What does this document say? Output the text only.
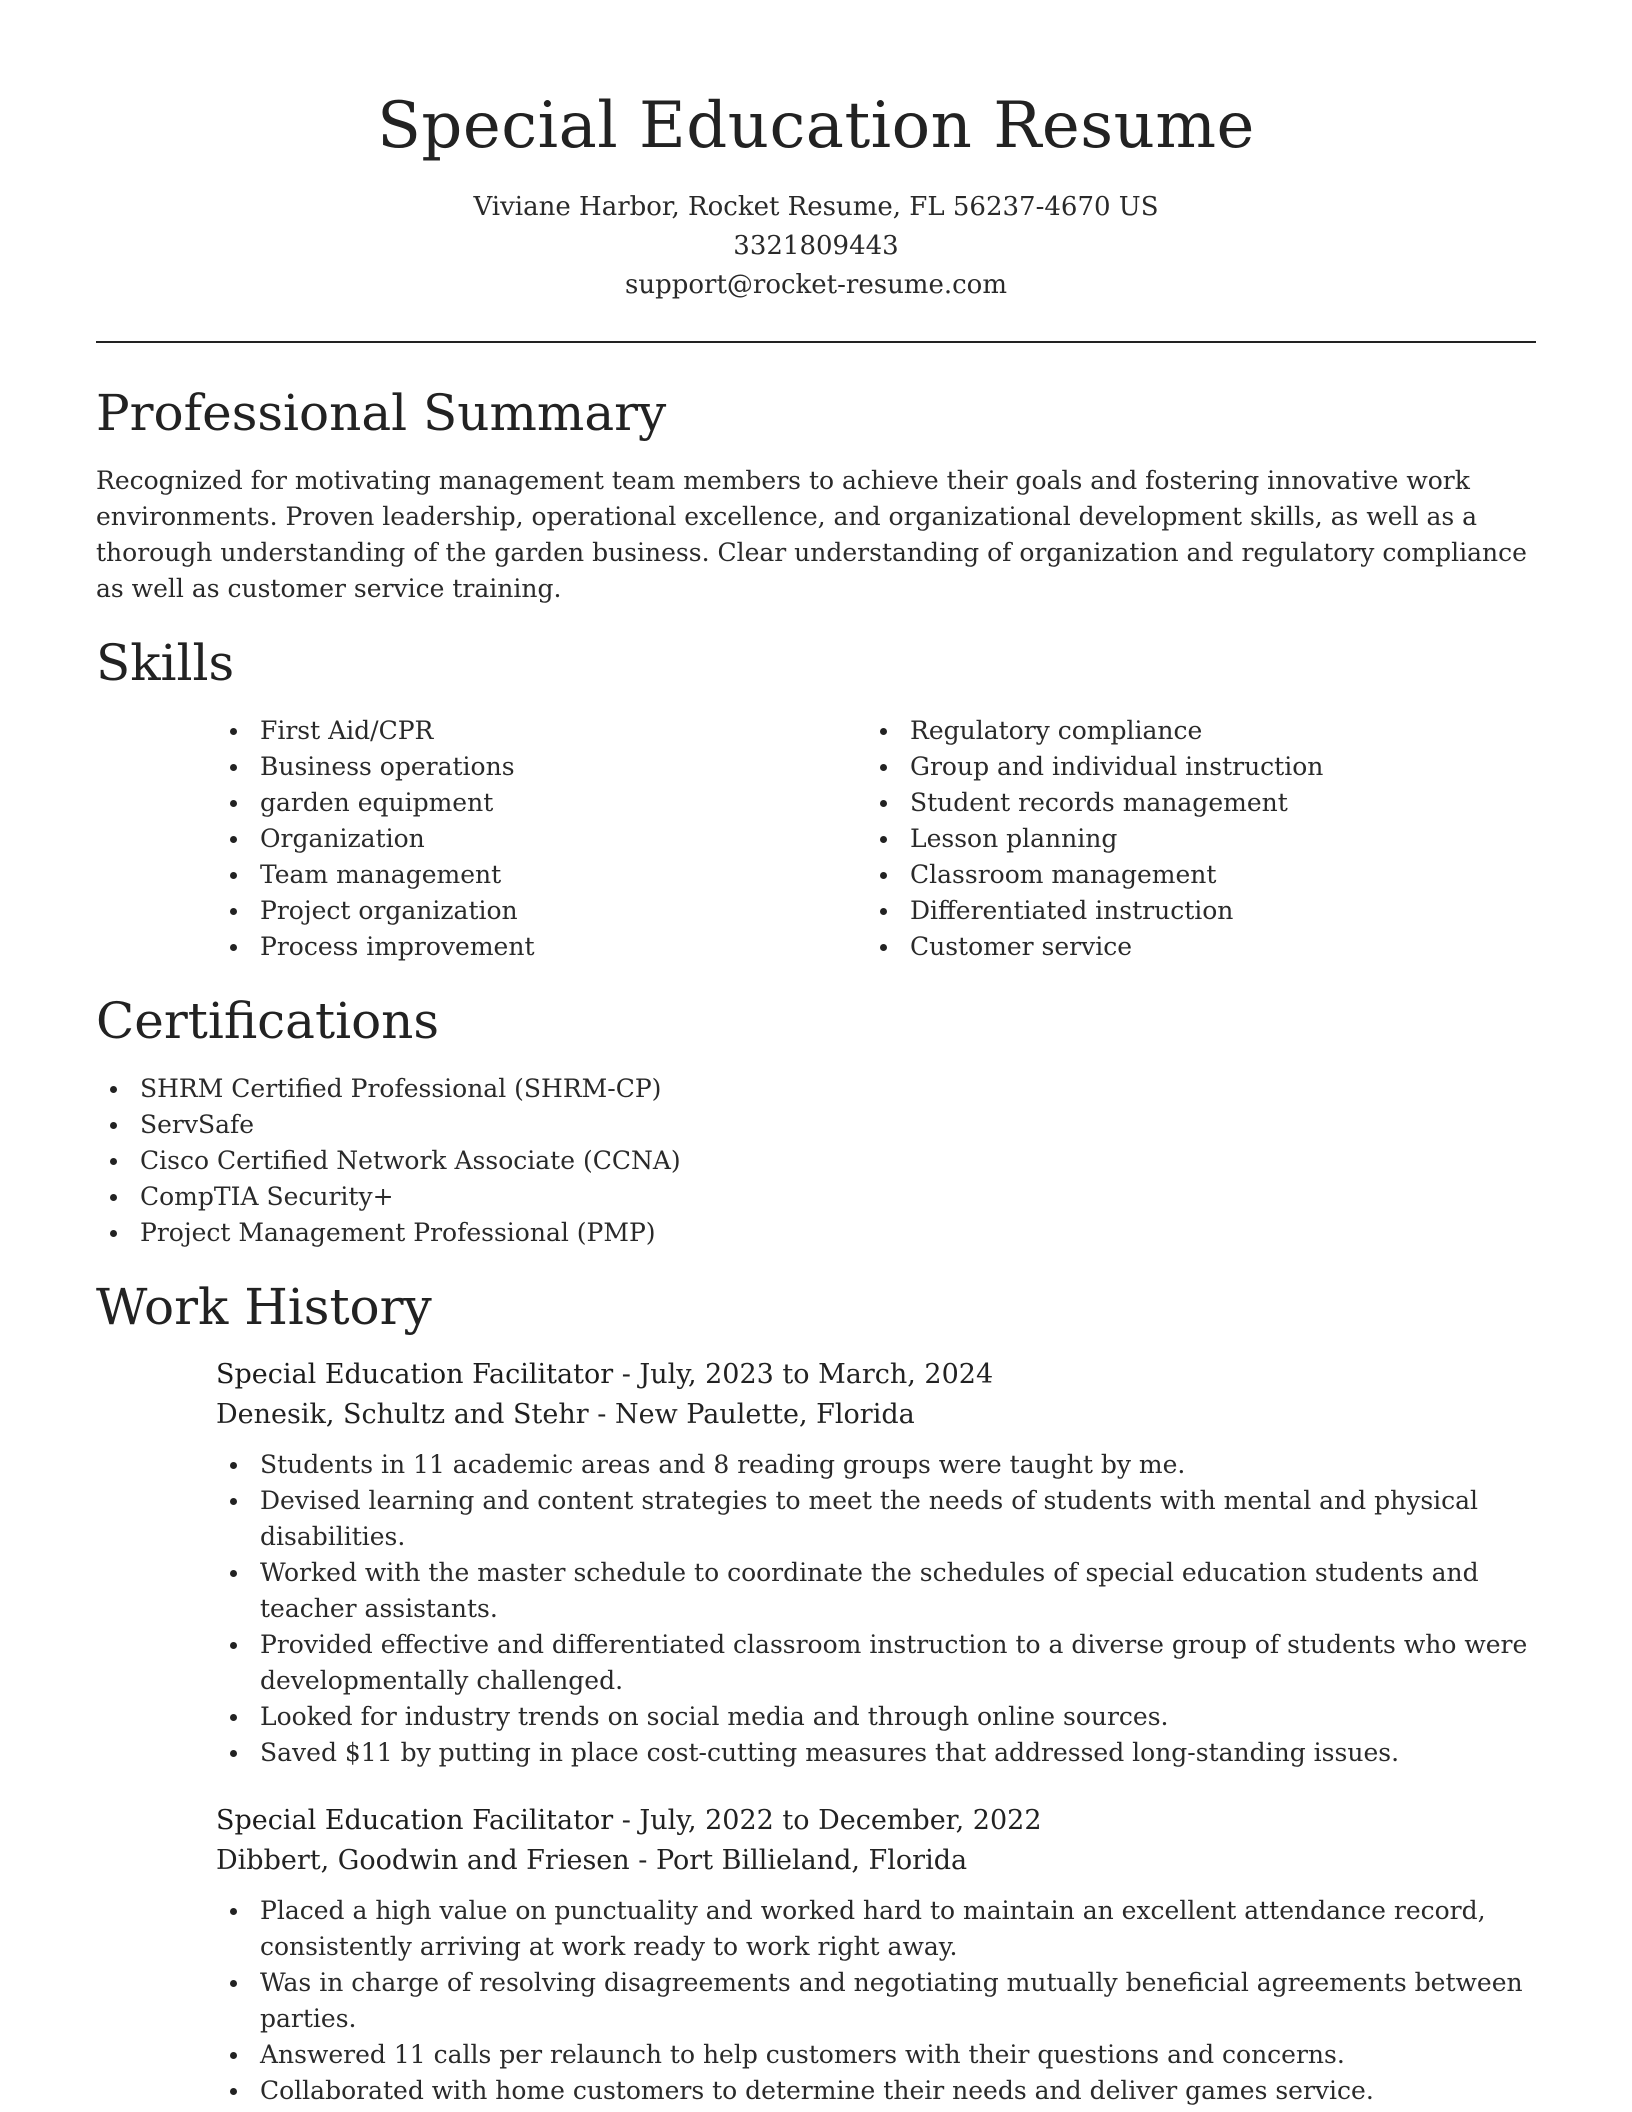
Special Education Resume
Viviane Harbor, Rocket Resume, FL 56237-4670 US
3321809443
support@rocket-resume.com
Professional Summary

Recognized for motivating management team members to achieve their goals and fostering innovative work environments. Proven leadership, operational excellence, and organizational development skills, as well as a thorough understanding of the garden business. Clear understanding of organization and regulatory compliance as well as customer service training.

Skills
First Aid/CPR
Business operations
garden equipment
Organization
Team management
Project organization
Process improvement
Regulatory compliance
Group and individual instruction
Student records management
Lesson planning
Classroom management
Differentiated instruction
Customer service
Certifications
SHRM Certified Professional (SHRM-CP)
ServSafe
Cisco Certified Network Associate (CCNA)
CompTIA Security+
Project Management Professional (PMP)
Work History
Special Education Facilitator - July, 2023 to March, 2024
Denesik, Schultz and Stehr - New Paulette, Florida
Students in 11 academic areas and 8 reading groups were taught by me.
Devised learning and content strategies to meet the needs of students with mental and physical disabilities.
Worked with the master schedule to coordinate the schedules of special education students and teacher assistants.
Provided effective and differentiated classroom instruction to a diverse group of students who were developmentally challenged.
Looked for industry trends on social media and through online sources.
Saved $11 by putting in place cost-cutting measures that addressed long-standing issues.
Special Education Facilitator - July, 2022 to December, 2022
Dibbert, Goodwin and Friesen - Port Billieland, Florida
Placed a high value on punctuality and worked hard to maintain an excellent attendance record, consistently arriving at work ready to work right away.
Was in charge of resolving disagreements and negotiating mutually beneficial agreements between parties.
Answered 11 calls per relaunch to help customers with their questions and concerns.
Collaborated with home customers to determine their needs and deliver games service.
